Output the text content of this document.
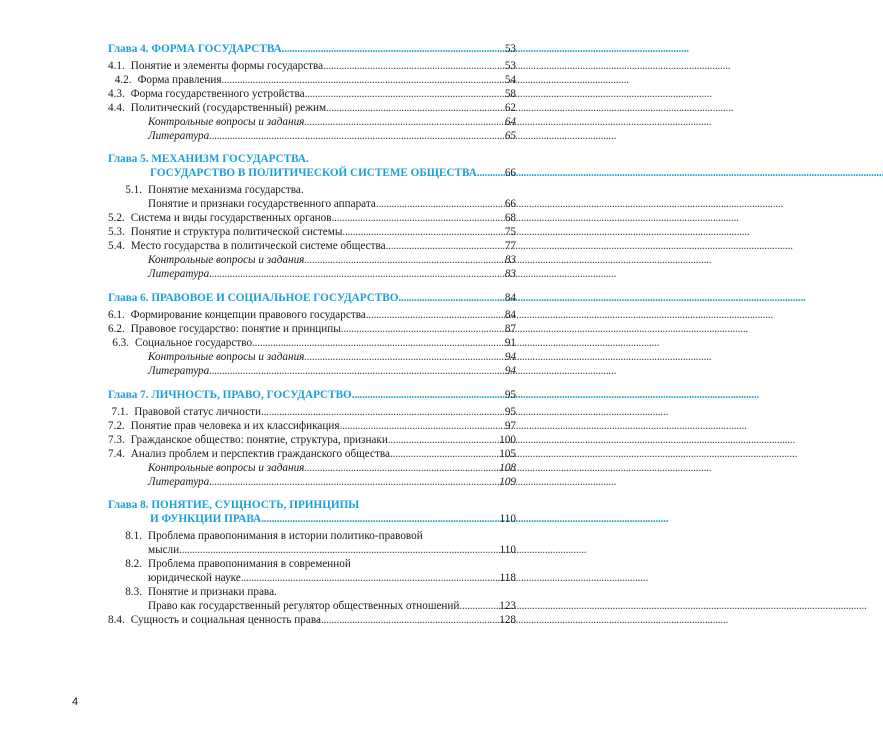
Глава 4. ФОРМА ГОСУДАРСТВА . . .	53
4.1. Понятие и элементы формы государства . . .	53
4.2. Форма правления . . .	54
4.3. Форма государственного устройства . . .	58
4.4. Политический (государственный) режим . . .	62
Контрольные вопросы и задания . . .	64
Литература . . .	65
Глава 5. МЕХАНИЗМ ГОСУДАРСТВА.
ГОСУДАРСТВО В ПОЛИТИЧЕСКОЙ СИСТЕМЕ ОБЩЕСТВА . . . 66
5.1. Понятие механизма государства.
Понятие и признаки государственного аппарата . . .	66
5.2. Система и виды государственных органов . . .	68
5.3. Понятие и структура политической системы . . .	75
5.4. Место государства в политической системе общества . . .	77
Контрольные вопросы и задания . . .	83
Литература . . .	83
Глава 6. ПРАВОВОЕ И СОЦИАЛЬНОЕ ГОСУДАРСТВО . . .	84
6.1. Формирование концепции правового государства . . .	84
6.2. Правовое государство: понятие и принципы . . .	87
6.3. Социальное государство . . .	91
Контрольные вопросы и задания . . .	94
Литература . . .	94
Глава 7. ЛИЧНОСТЬ, ПРАВО, ГОСУДАРСТВО . . .	95
7.1. Правовой статус личности . . .	95
7.2. Понятие прав человека и их классификация . . .	97
7.3. Гражданское общество: понятие, структура, признаки . . .	100
7.4. Анализ проблем и перспектив гражданского общества . . .	105
Контрольные вопросы и задания . . .	108
Литература . . .	109
Глава 8. ПОНЯТИЕ, СУЩНОСТЬ, ПРИНЦИПЫ
И ФУНКЦИИ ПРАВА . . .	110
8.1. Проблема правопонимания в истории политико-правовой
мысли . . .	110
8.2. Проблема правопонимания в современной
юридической науке . . .	118
8.3. Понятие и признаки права.
Право как государственный регулятор общественных отношений . . .	123
8.4. Сущность и социальная ценность права . . .	128
4
